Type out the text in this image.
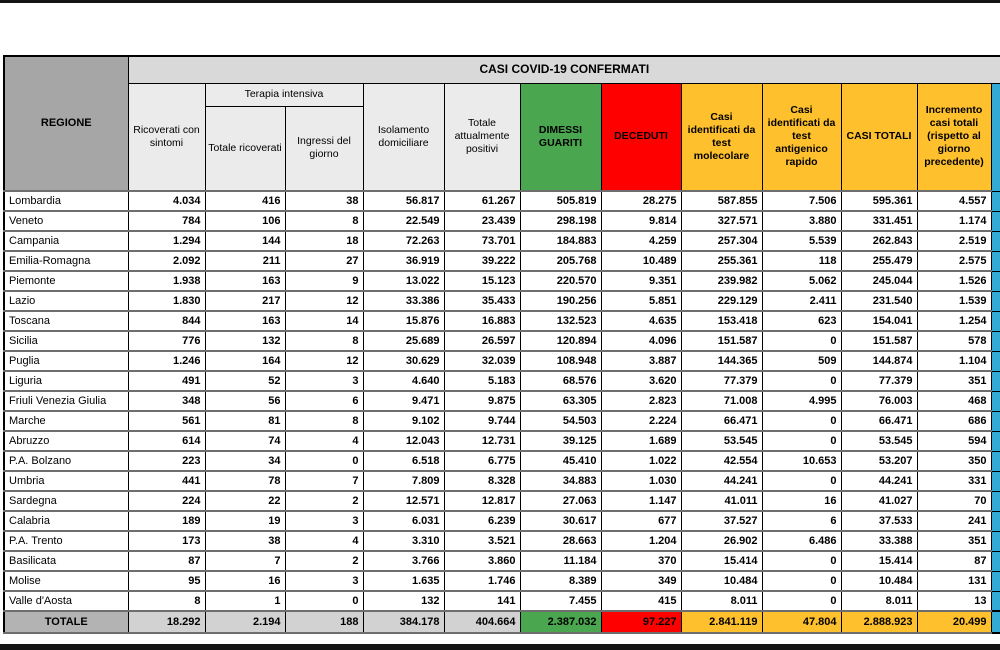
REGIONE	CASI COVID-19 CONFERMATI											
	Ricoverati con sintomi	Terapia intensiva		Isolamento domiciliare	Totale attualmente positivi	DIMESSI GUARITI	DECEDUTI	Casi identificati da test molecolare	Casi identificati da test antigenico rapido	CASI TOTALI	Incremento casi totali (rispetto al giorno precedente)	
		Totale ricoverati	Ingressi del giorno									
Lombardia	4.034	416	38	56.817	61.267	505.819	28.275	587.855	7.506	595.361	4.557	
Veneto	784	106	8	22.549	23.439	298.198	9.814	327.571	3.880	331.451	1.174	
Campania	1.294	144	18	72.263	73.701	184.883	4.259	257.304	5.539	262.843	2.519	
Emilia-Romagna	2.092	211	27	36.919	39.222	205.768	10.489	255.361	118	255.479	2.575	
Piemonte	1.938	163	9	13.022	15.123	220.570	9.351	239.982	5.062	245.044	1.526	
Lazio	1.830	217	12	33.386	35.433	190.256	5.851	229.129	2.411	231.540	1.539	
Toscana	844	163	14	15.876	16.883	132.523	4.635	153.418	623	154.041	1.254	
Sicilia	776	132	8	25.689	26.597	120.894	4.096	151.587	0	151.587	578	
Puglia	1.246	164	12	30.629	32.039	108.948	3.887	144.365	509	144.874	1.104	
Liguria	491	52	3	4.640	5.183	68.576	3.620	77.379	0	77.379	351	
Friuli Venezia Giulia	348	56	6	9.471	9.875	63.305	2.823	71.008	4.995	76.003	468	
Marche	561	81	8	9.102	9.744	54.503	2.224	66.471	0	66.471	686	
Abruzzo	614	74	4	12.043	12.731	39.125	1.689	53.545	0	53.545	594	
P.A. Bolzano	223	34	0	6.518	6.775	45.410	1.022	42.554	10.653	53.207	350	
Umbria	441	78	7	7.809	8.328	34.883	1.030	44.241	0	44.241	331	
Sardegna	224	22	2	12.571	12.817	27.063	1.147	41.011	16	41.027	70	
Calabria	189	19	3	6.031	6.239	30.617	677	37.527	6	37.533	241	
P.A. Trento	173	38	4	3.310	3.521	28.663	1.204	26.902	6.486	33.388	351	
Basilicata	87	7	2	3.766	3.860	11.184	370	15.414	0	15.414	87	
Molise	95	16	3	1.635	1.746	8.389	349	10.484	0	10.484	131	
Valle d'Aosta	8	1	0	132	141	7.455	415	8.011	0	8.011	13	
TOTALE	18.292	2.194	188	384.178	404.664	2.387.032	97.227	2.841.119	47.804	2.888.923	20.499	
